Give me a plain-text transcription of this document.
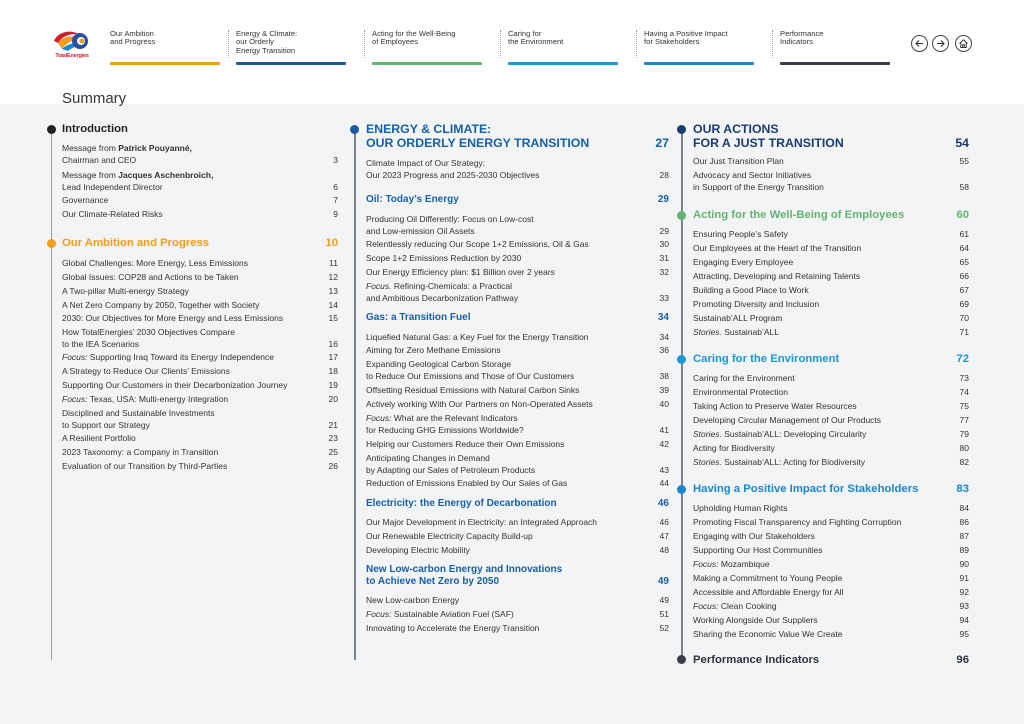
TotalEnergies
Our Ambition
and Progress
Energy & Climate:
our Orderly
Energy Transition
Acting for the Well-Being
of Employees
Caring for
the Environment
Having a Positive Impact
for Stakeholders
Performance
Indicators
Summary
Introduction
Message from Patrick Pouyanné,
Chairman and CEO	3
Message from Jacques Aschenbroich,
Lead Independent Director	6
Governance	7
Our Climate-Related Risks	9
Our Ambition and Progress	10
Global Challenges: More Energy, Less Emissions	11
Global Issues: COP28 and Actions to be Taken	12
A Two-pillar Multi-energy Strategy	13
A Net Zero Company by 2050, Together with Society	14
2030: Our Objectives for More Energy and Less Emissions	15
How TotalEnergies’ 2030 Objectives Compare
to the IEA Scenarios	16
Focus: Supporting Iraq Toward its Energy Independence	17
A Strategy to Reduce Our Clients’ Emissions	18
Supporting Our Customers in their Decarbonization Journey	19
Focus: Texas, USA: Multi-energy Integration	20
Disciplined and Sustainable Investments
to Support our Strategy	21
A Resilient Portfolio	23
2023 Taxonomy: a Company in Transition	25
Evaluation of our Transition by Third-Parties	26
ENERGY & CLIMATE:
OUR ORDERLY ENERGY TRANSITION	27
Climate Impact of Our Strategy:
Our 2023 Progress and 2025-2030 Objectives	28
Oil: Today’s Energy	29
Producing Oil Differently: Focus on Low-cost
and Low-emission Oil Assets	29
Relentlessly reducing Our Scope 1+2 Emissions, Oil & Gas	30
Scope 1+2 Emissions Reduction by 2030	31
Our Energy Efficiency plan: $1 Billion over 2 years	32
Focus. Refining-Chemicals: a Practical
and Ambitious Decarbonization Pathway	33
Gas: a Transition Fuel	34
Liquefied Natural Gas: a Key Fuel for the Energy Transition	34
Aiming for Zero Methane Emissions	36
Expanding Geological Carbon Storage
to Reduce Our Emissions and Those of Our Customers	38
Offsetting Residual Emissions with Natural Carbon Sinks	39
Actively working With Our Partners on Non-Operated Assets	40
Focus: What are the Relevant Indicators
for Reducing GHG Emissions Worldwide?	41
Helping our Customers Reduce their Own Emissions	42
Anticipating Changes in Demand
by Adapting our Sales of Petroleum Products	43
Reduction of Emissions Enabled by Our Sales of Gas	44
Electricity: the Energy of Decarbonation	46
Our Major Development in Electricity: an Integrated Approach	46
Our Renewable Electricity Capacity Build-up	47
Developing Electric Mobility	48
New Low-carbon Energy and Innovations
to Achieve Net Zero by 2050	49
New Low-carbon Energy	49
Focus: Sustainable Aviation Fuel (SAF)	51
Innovating to Accelerate the Energy Transition	52
OUR ACTIONS
FOR A JUST TRANSITION	54
Our Just Transition Plan	55
Advocacy and Sector Initiatives
in Support of the Energy Transition	58
Acting for the Well-Being of Employees	60
Ensuring People’s Safety	61
Our Employees at the Heart of the Transition	64
Engaging Every Employee	65
Attracting, Developing and Retaining Talents	66
Building a Good Place to Work	67
Promoting Diversity and Inclusion	69
Sustainab’ALL Program	70
Stories. Sustainab’ALL	71
Caring for the Environment	72
Caring for the Environment	73
Environmental Protection	74
Taking Action to Preserve Water Resources	75
Developing Circular Management of Our Products	77
Stories. Sustainab’ALL: Developing Circularity	79
Acting for Biodiversity	80
Stories. Sustainab’ALL: Acting for Biodiversity	82
Having a Positive Impact for Stakeholders	83
Upholding Human Rights	84
Promoting Fiscal Transparency and Fighting Corruption	86
Engaging with Our Stakeholders	87
Supporting Our Host Communities	89
Focus: Mozambique	90
Making a Commitment to Young People	91
Accessible and Affordable Energy for All	92
Focus: Clean Cooking	93
Working Alongside Our Suppliers	94
Sharing the Economic Value We Create	95
Performance Indicators	96
